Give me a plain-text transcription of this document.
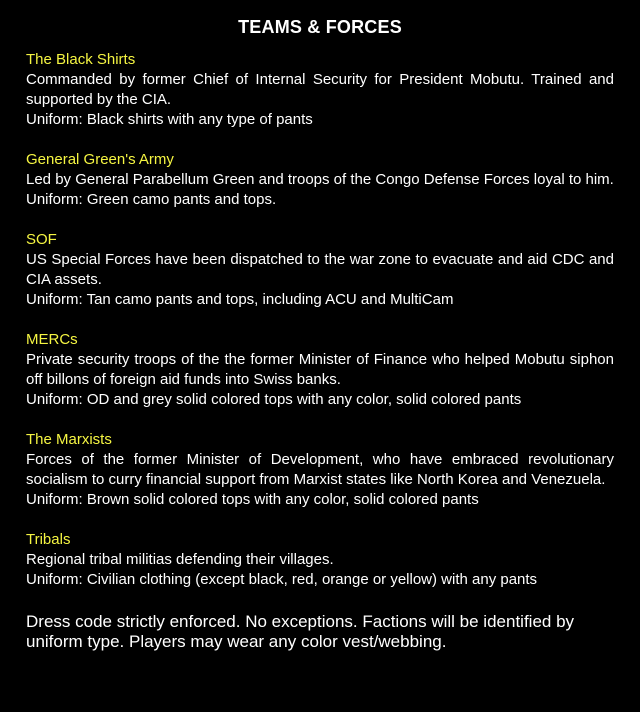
TEAMS & FORCES

The Black Shirts

Commanded by former Chief of Internal Security for President Mobutu. Trained and supported by the CIA.

Uniform: Black shirts with any type of pants

General Green's Army

Led by General Parabellum Green and troops of the Congo Defense Forces loyal to him.

Uniform: Green camo pants and tops.

SOF

US Special Forces have been dispatched to the war zone to evacuate and aid CDC and CIA assets.

Uniform: Tan camo pants and tops, including ACU and MultiCam

MERCs

Private security troops of the the former Minister of Finance who helped Mobutu siphon off billons of foreign aid funds into Swiss banks.

Uniform: OD and grey solid colored tops with any color, solid colored pants

The Marxists

Forces of the former Minister of Development, who have embraced revolutionary socialism to curry financial support from Marxist states like North Korea and Venezuela.

Uniform: Brown solid colored tops with any color, solid colored pants

Tribals

Regional tribal militias defending their villages.

Uniform: Civilian clothing (except black, red, orange or yellow) with any pants

Dress code strictly enforced. No exceptions. Factions will be identified by uniform type. Players may wear any color vest/webbing.
